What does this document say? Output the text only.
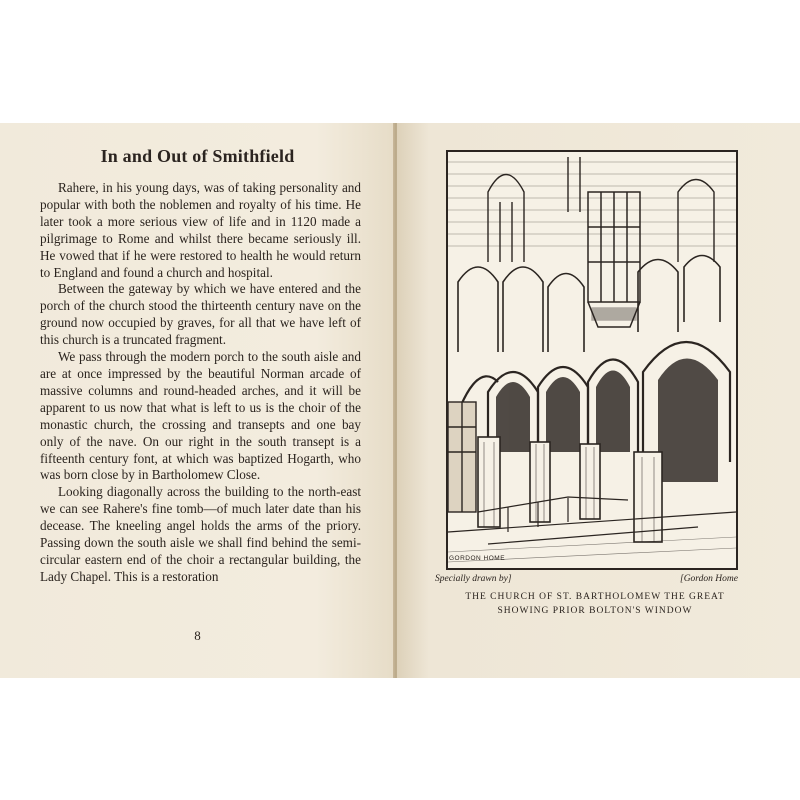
In and Out of Smithfield

Rahere, in his young days, was of taking personality and popular with both the noblemen and royalty of his time. He later took a more serious view of life and in 1120 made a pilgrimage to Rome and whilst there became seriously ill. He vowed that if he were restored to health he would return to England and found a church and hospital.

Between the gateway by which we have entered and the porch of the church stood the thirteenth century nave on the ground now occupied by graves, for all that we have left of this church is a truncated fragment.

We pass through the modern porch to the south aisle and are at once impressed by the beautiful Norman arcade of massive columns and round-headed arches, and it will be apparent to us now that what is left to us is the choir of the monastic church, the crossing and transepts and one bay only of the nave. On our right in the south transept is a fifteenth century font, at which was baptized Hogarth, who was born close by in Bartholomew Close.

Looking diagonally across the building to the north-east we can see Rahere's fine tomb—of much later date than his decease. The kneeling angel holds the arms of the priory. Passing down the south aisle we shall find behind the semi-circular eastern end of the choir a rectangular building, the Lady Chapel. This is a restoration

8
GORDON HOME
Specially drawn by]	[Gordon Home
THE CHURCH OF ST. BARTHOLOMEW THE GREAT
SHOWING PRIOR BOLTON'S WINDOW
